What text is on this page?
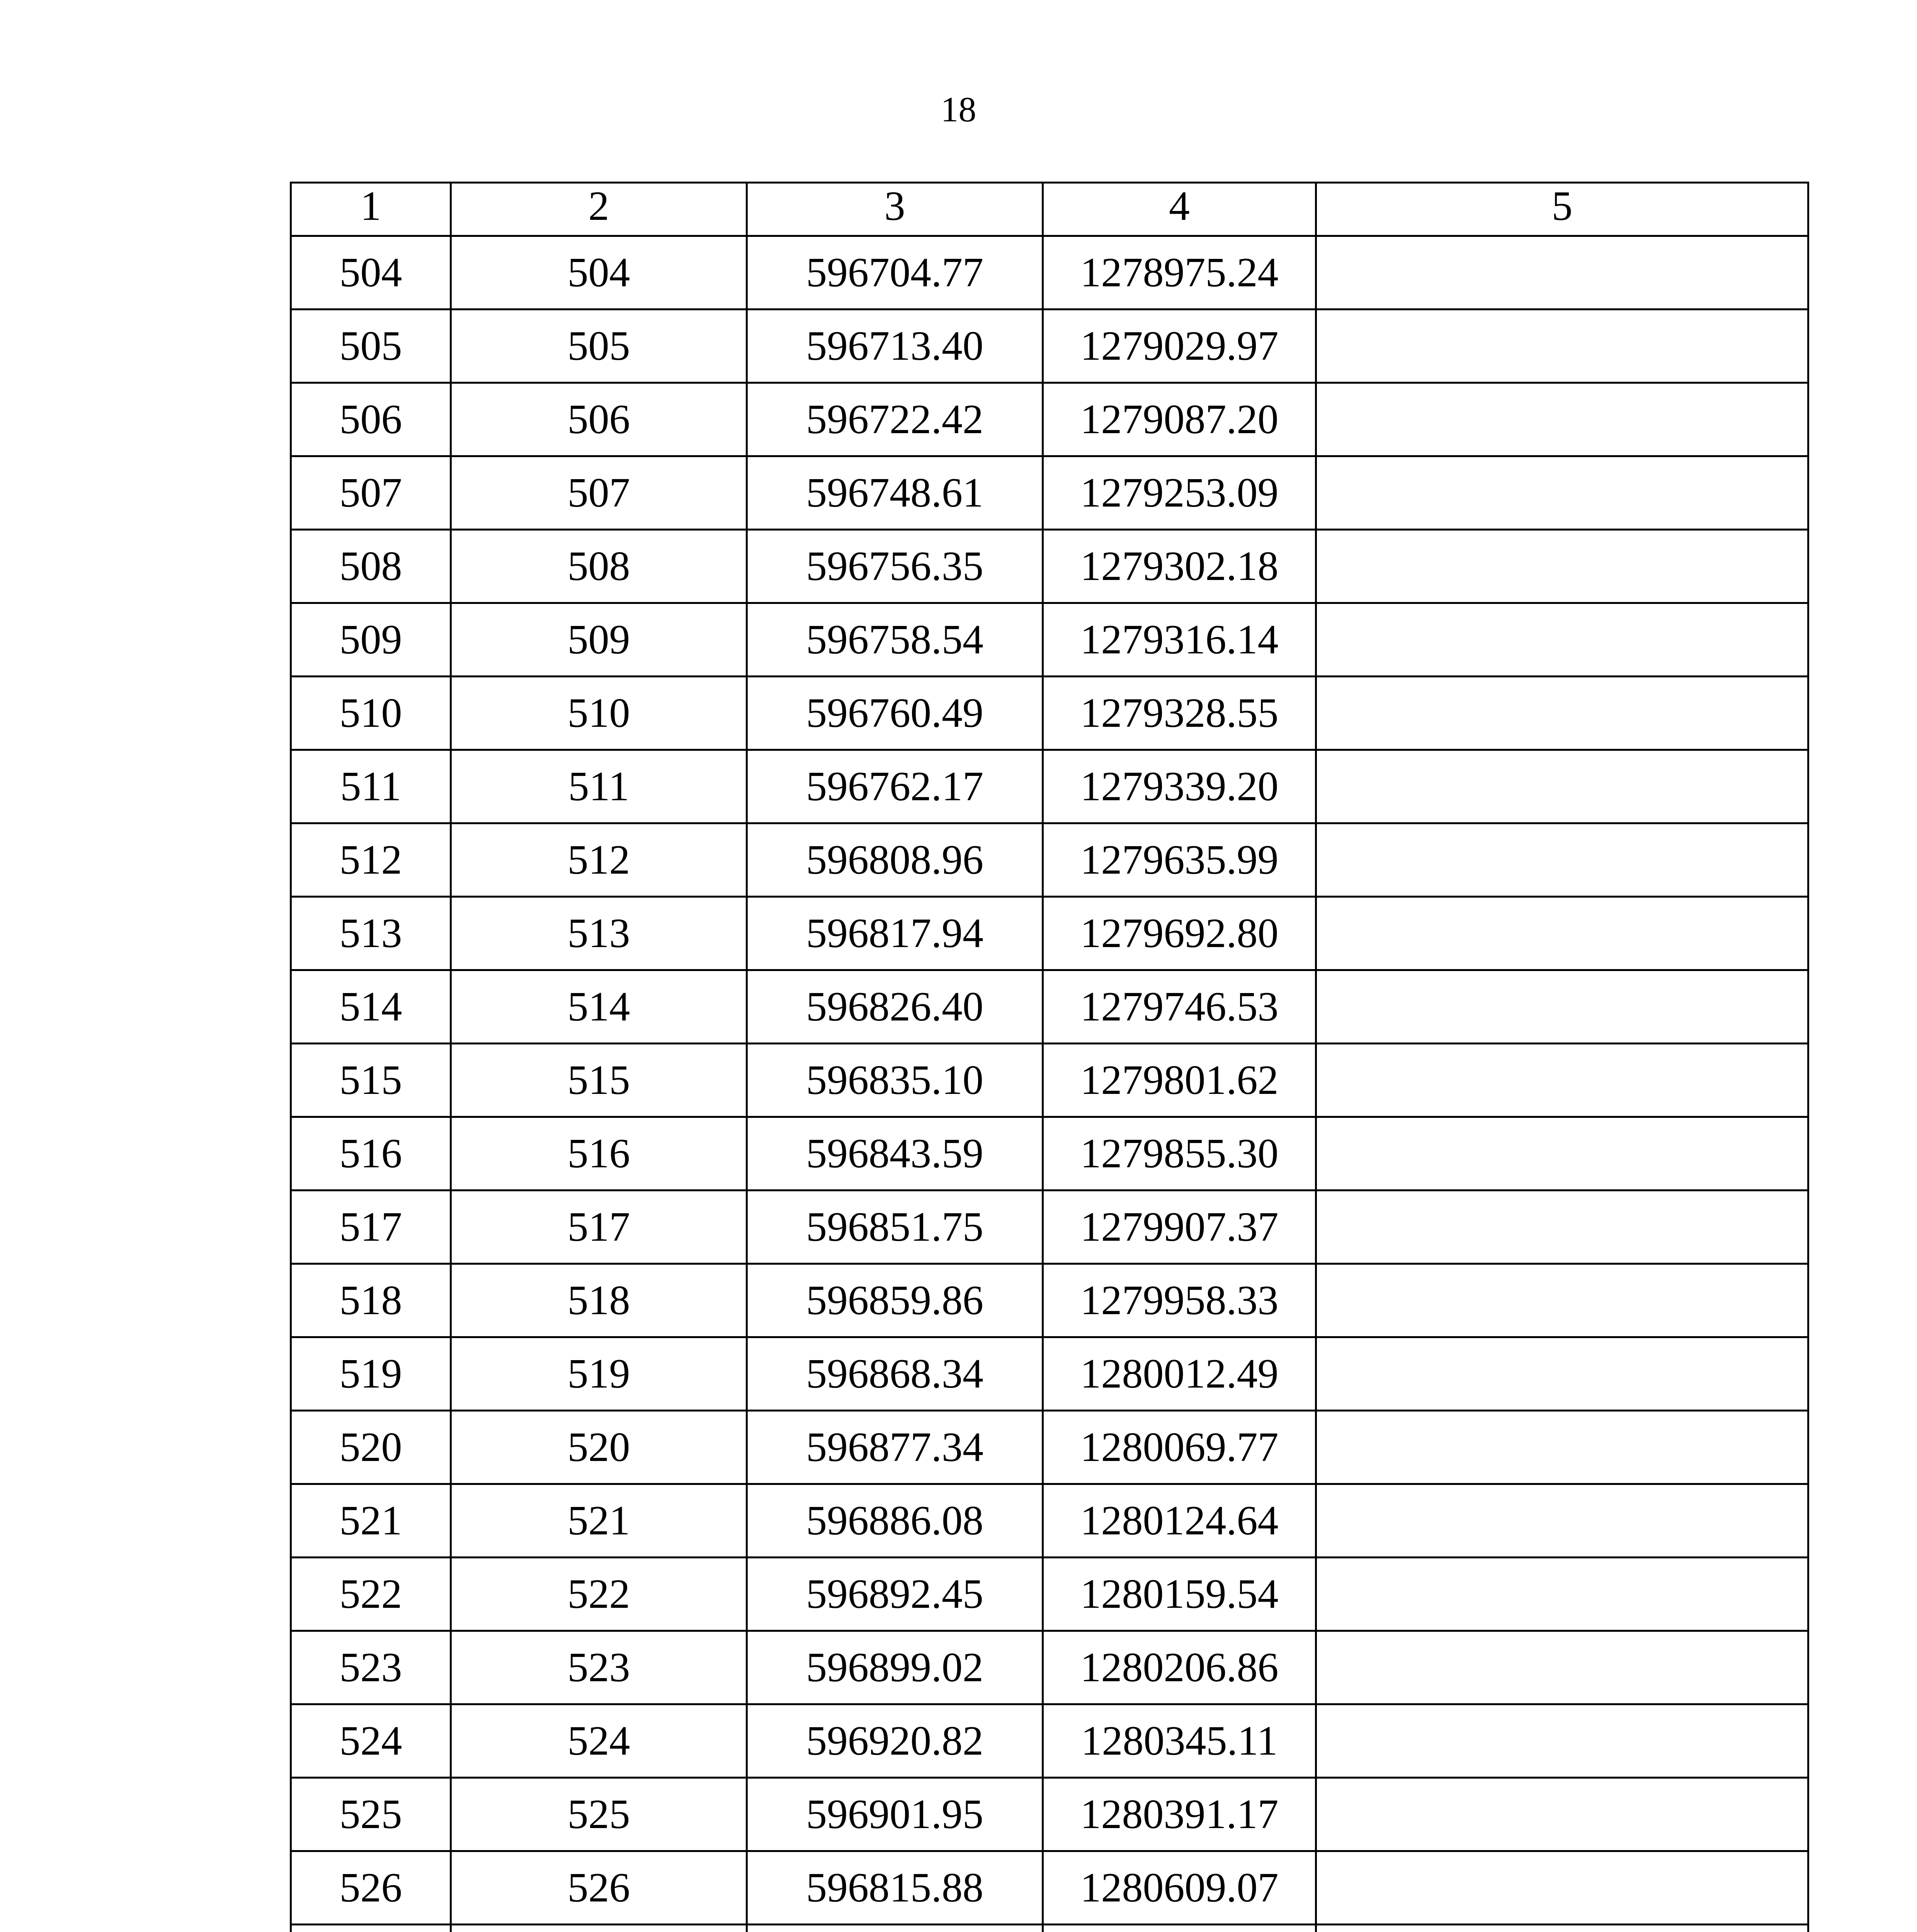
18
1	2	3	4	5
504	504	596704.77	1278975.24	
505	505	596713.40	1279029.97	
506	506	596722.42	1279087.20	
507	507	596748.61	1279253.09	
508	508	596756.35	1279302.18	
509	509	596758.54	1279316.14	
510	510	596760.49	1279328.55	
511	511	596762.17	1279339.20	
512	512	596808.96	1279635.99	
513	513	596817.94	1279692.80	
514	514	596826.40	1279746.53	
515	515	596835.10	1279801.62	
516	516	596843.59	1279855.30	
517	517	596851.75	1279907.37	
518	518	596859.86	1279958.33	
519	519	596868.34	1280012.49	
520	520	596877.34	1280069.77	
521	521	596886.08	1280124.64	
522	522	596892.45	1280159.54	
523	523	596899.02	1280206.86	
524	524	596920.82	1280345.11	
525	525	596901.95	1280391.17	
526	526	596815.88	1280609.07	
